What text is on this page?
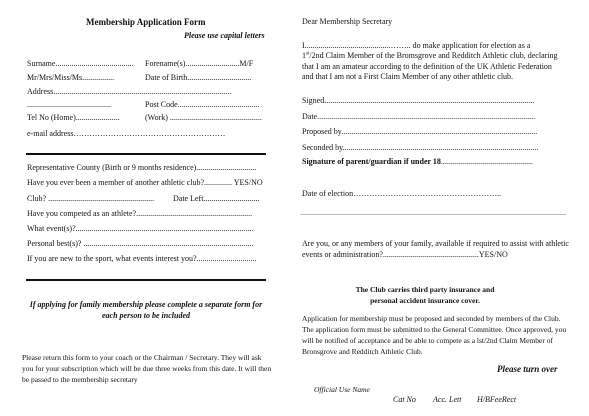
Membership Application Form
Please use capital letters
Surname....................................... Forename(s)...........................M/F
Mr/Mrs/Miss/Ms................	Date of Birth................................
Address.........................................................................................
..........................................	Post Code.........................................
Tel No (Home)......................	(Work) ..............................................
e-mail address…………………………………………………
Representative County (Birth or 9 months residence)..............................
Have you ever been a member of another athletic club?.............. YES/NO
Club? ..................................................... Date Left............................
Have you competed as an athlete?..........................................................
What event(s)?.........................................................................................
Personal best(s)? .....................................................................................
If you are new to the sport, what events interest you?..............................
If applying for family membership please complete a separate form for each person to be included
Please return this form to your coach or the Chairman / Secretary. They will ask you for your subscription which will be due three weeks from this date. It will then be passed to the membership secretary
Dear Membership Secretary
I...........................................…….. do make application for election as a
1st/2nd Claim Member of the Bromsgrove and Redditch Athletic club, declaring
that I am an amateur according to the definition of the UK Athletic Federation
and that I am not a First Claim Member of any other athletic club.
Signed.........................................................................................................
Date.............................................................................................................
Proposed by..................................................................................................
Seconded by..................................................................................................
Signature of parent/guardian if under 18..............................................
Date of election………………………………………………..
Are you, or any members of your family, available if required to assist with athletic events or administration?................................................YES/NO
The Club carries third party insurance and personal accident insurance cover.
Application for membership must be proposed and seconded by members of the Club. The application form must be submitted to the General Committee. Once approved, you will be notified of acceptance and be able to compete as a lst/2nd Claim Member of Bronsgrove and Redditch Athletic Club.
Please turn over
Official Use Name
Cat No Acc. Lett H/BFeeRect
